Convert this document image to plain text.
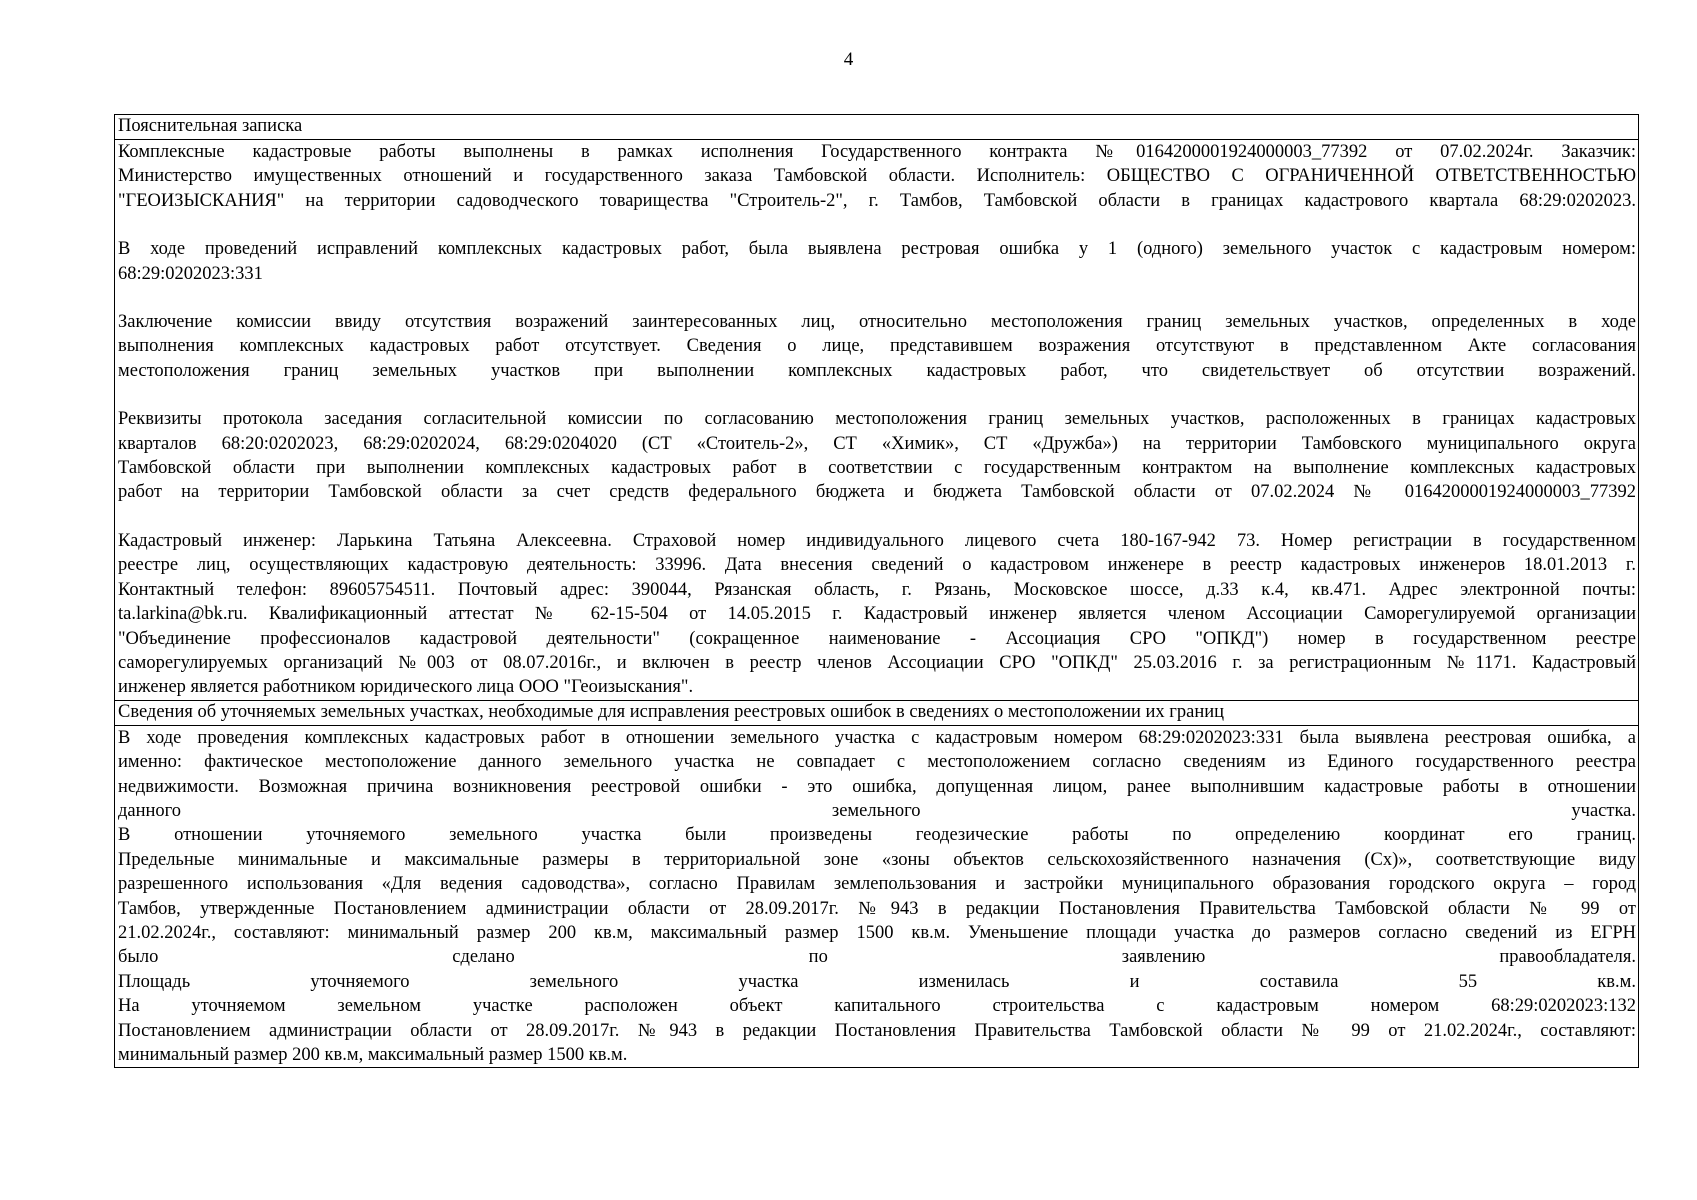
4
Пояснительная записка
Комплексные кадастровые работы выполнены в рамках исполнения Государственного контракта №0164200001924000003_77392 от 07.02.2024г. Заказчик:
Министерство имущественных отношений и государственного заказа Тамбовской области. Исполнитель: ОБЩЕСТВО С ОГРАНИЧЕННОЙ ОТВЕТСТВЕННОСТЬЮ
"ГЕОИЗЫСКАНИЯ" на территории садоводческого товарищества "Строитель-2", г. Тамбов, Тамбовской области в границах кадастрового квартала 68:29:0202023.
В ходе проведений исправлений комплексных кадастровых работ, была выявлена рестровая ошибка у 1 (одного) земельного участок с кадастровым номером:
68:29:0202023:331
Заключение комиссии ввиду отсутствия возражений заинтересованных лиц, относительно местоположения границ земельных участков, определенных в ходе
выполнения комплексных кадастровых работ отсутствует. Сведения о лице, представившем возражения отсутствуют в представленном Акте согласования
местоположения границ земельных участков при выполнении комплексных кадастровых работ, что свидетельствует об отсутствии возражений.
Реквизиты протокола заседания согласительной комиссии по согласованию местоположения границ земельных участков, расположенных в границах кадастровых
кварталов 68:20:0202023, 68:29:0202024, 68:29:0204020 (СТ «Стоитель-2», СТ «Химик», СТ «Дружба») на территории Тамбовского муниципального округа
Тамбовской области при выполнении комплексных кадастровых работ в соответствии с государственным контрактом на выполнение комплексных кадастровых
работ на территории Тамбовской области за счет средств федерального бюджета и бюджета Тамбовской области от 07.02.2024 № 0164200001924000003_77392
Кадастровый инженер: Ларькина Татьяна Алексеевна. Страховой номер индивидуального лицевого счета 180-167-942 73. Номер регистрации в государственном
реестре лиц, осуществляющих кадастровую деятельность: 33996. Дата внесения сведений о кадастровом инженере в реестр кадастровых инженеров 18.01.2013 г.
Контактный телефон: 89605754511. Почтовый адрес: 390044, Рязанская область, г. Рязань, Московское шоссе, д.33 к.4, кв.471. Адрес электронной почты:
ta.larkina@bk.ru. Квалификационный аттестат № 62-15-504 от 14.05.2015 г. Кадастровый инженер является членом Ассоциации Саморегулируемой организации
"Объединение профессионалов кадастровой деятельности" (сокращенное наименование - Ассоциация СРО "ОПКД") номер в государственном реестре
саморегулируемых организаций №003 от 08.07.2016г., и включен в реестр членов Ассоциации СРО "ОПКД" 25.03.2016 г. за регистрационным №1171. Кадастровый
инженер является работником юридического лица ООО "Геоизыскания".
Сведения об уточняемых земельных участках, необходимые для исправления реестровых ошибок в сведениях о местоположении их границ
В ходе проведения комплексных кадастровых работ в отношении земельного участка с кадастровым номером 68:29:0202023:331 была выявлена реестровая ошибка, а
именно: фактическое местоположение данного земельного участка не совпадает с местоположением согласно сведениям из Единого государственного реестра
недвижимости. Возможная причина возникновения реестровой ошибки - это ошибка, допущенная лицом, ранее выполнившим кадастровые работы в отношении
данного земельного участка.
В отношении уточняемого земельного участка были произведены геодезические работы по определению координат его границ.
Предельные минимальные и максимальные размеры в территориальной зоне «зоны объектов сельскохозяйственного назначения (Сх)», соответствующие виду
разрешенного использования «Для ведения садоводства», согласно Правилам землепользования и застройки муниципального образования городского округа – город
Тамбов, утвержденные Постановлением администрации области от 28.09.2017г. №943 в редакции Постановления Правительства Тамбовской области № 99 от
21.02.2024г., составляют: минимальный размер 200 кв.м, максимальный размер 1500 кв.м. Уменьшение площади участка до размеров согласно сведений из ЕГРН
было сделано по заявлению правообладателя.
Площадь уточняемого земельного участка изменилась и составила 55 кв.м.
На уточняемом земельном участке расположен объект капитального строительства с кадастровым номером 68:29:0202023:132
Постановлением администрации области от 28.09.2017г. №943 в редакции Постановления Правительства Тамбовской области № 99 от 21.02.2024г., составляют:
минимальный размер 200 кв.м, максимальный размер 1500 кв.м.
